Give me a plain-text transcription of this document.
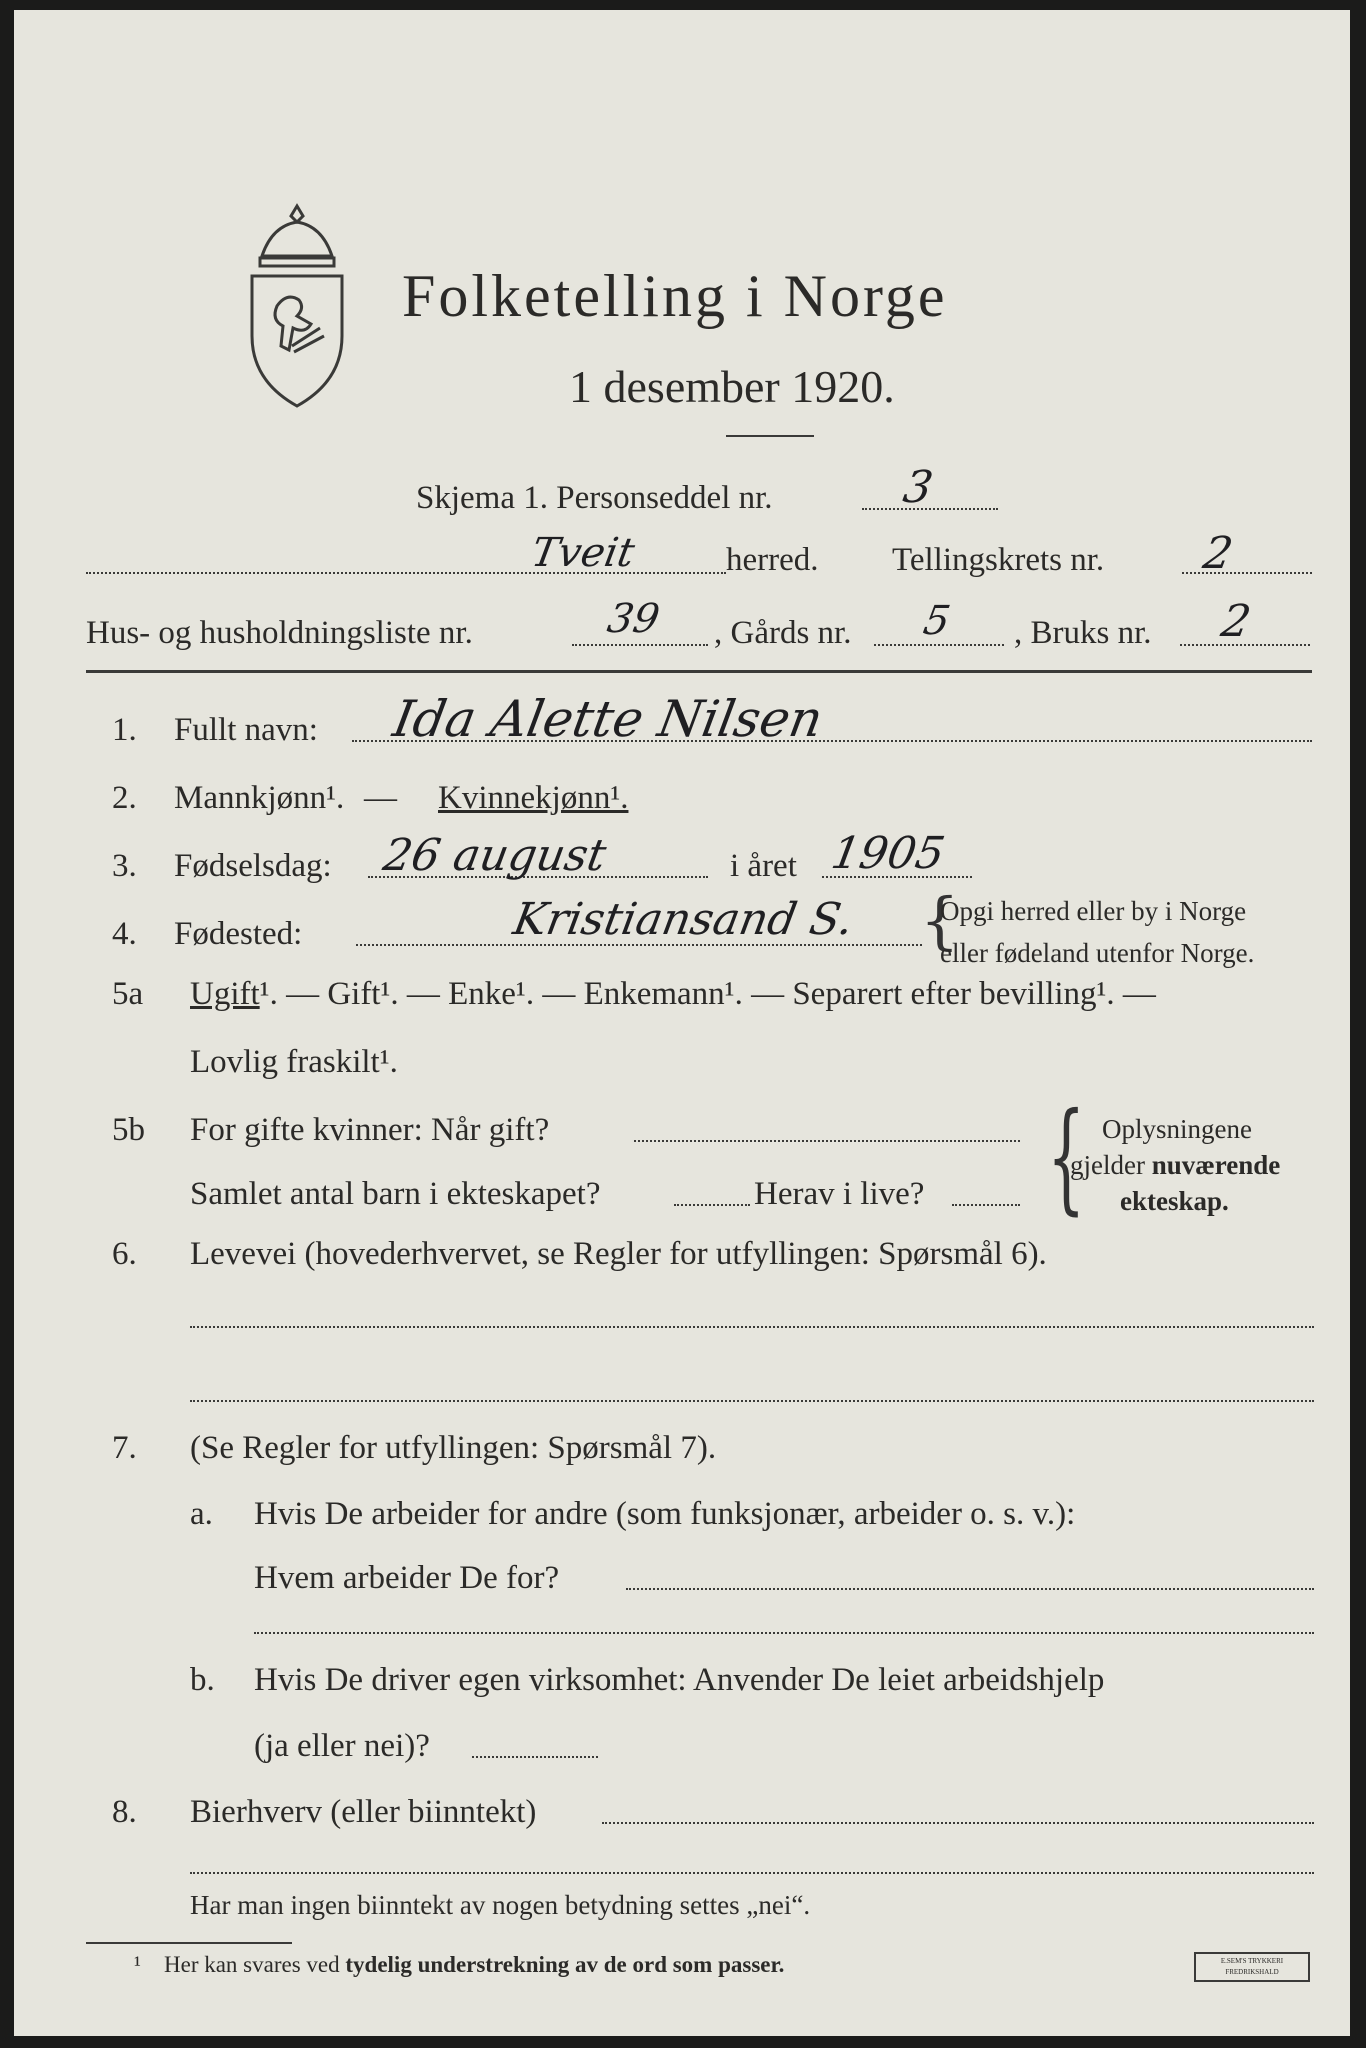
Folketelling i Norge
1 desember 1920.
Skjema 1. Personseddel nr.	3
Tveit	herred. Tellingskrets nr. 2
Hus- og husholdningsliste nr.	39 , Gårds nr. 5 , Bruks nr. 2
1. Fullt navn: Ida Alette Nilsen
2. Mannkjønn¹. — Kvinnekjønn¹.
3. Fødselsdag: 26 august	i året 1905
4. Fødested:	Kristiansand S. {
Opgi herred eller by i Norge
eller fødeland utenfor Norge.
5a Ugift¹. — Gift¹. — Enke¹. — Enkemann¹. — Separert efter bevilling¹. —
Lovlig fraskilt¹.
5b For gifte kvinner: Når gift?
Samlet antal barn i ekteskapet?	Herav i live? { Oplysningene
gjelder nuværende
ekteskap.
6. Levevei (hovederhvervet, se Regler for utfyllingen: Spørsmål 6).
7. (Se Regler for utfyllingen: Spørsmål 7).
a. Hvis De arbeider for andre (som funksjonær, arbeider o. s. v.):
Hvem arbeider De for?
b. Hvis De driver egen virksomhet: Anvender De leiet arbeidshjelp
(ja eller nei)?
8. Bierhverv (eller biinntekt)
Har man ingen biinntekt av nogen betydning settes „nei“.
¹ Her kan svares ved tydelig understrekning av de ord som passer.	E.SEM'S TRYKKERI FREDRIKSHALD
